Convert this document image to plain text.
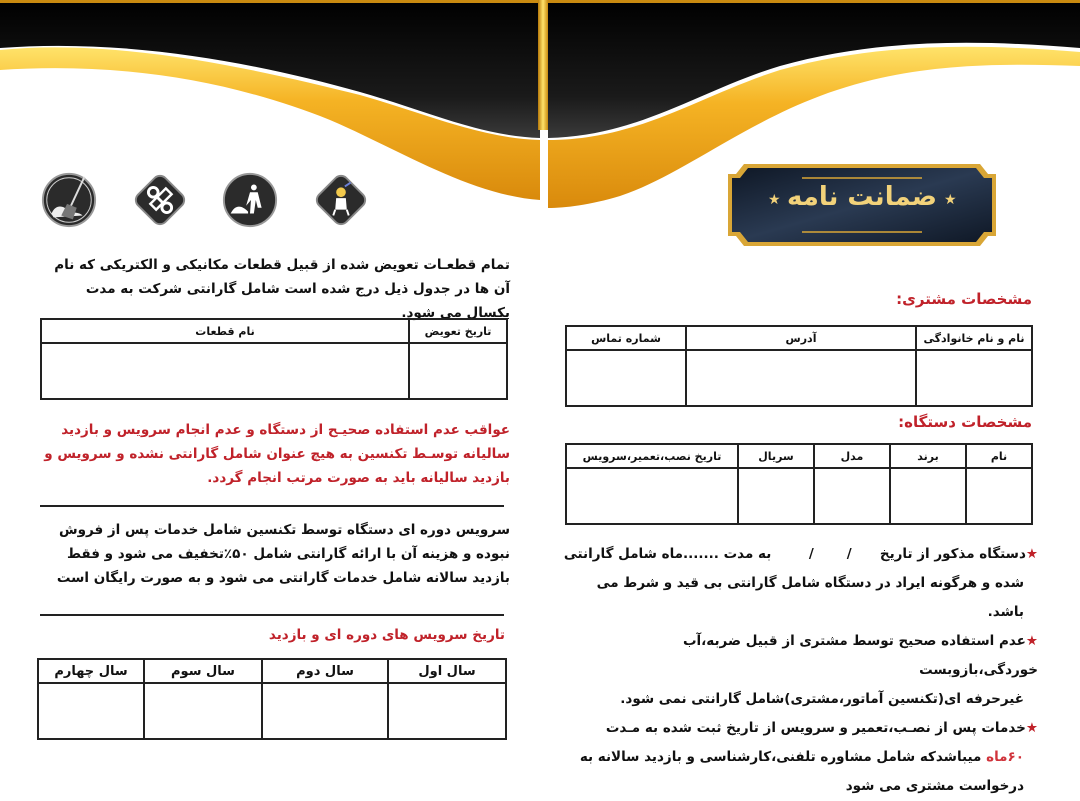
تمام قطعـات تعویض شده از قبیل قطعات مکانیکی و الکتریکی که نام آن ها در جدول ذیل درج شده است شامل گارانتی شرکت به مدت یکسال می شود.
تاریخ تعویض	نام قطعات

عواقب عدم استفاده صحیـح از دستگاه و عدم انجام سرویس و بازدید سالیانه توسـط تکنسین به هیچ عنوان شامل گارانتی نشده و سرویس و بازدید سالیانه باید به صورت مرتب انجام گردد.
سرویس دوره ای دستگاه توسط تکنسین شامل خدمات پس از فروش نبوده و هزینه آن با ارائه گارانتی شامل ۵۰٪تخفیف می شود و فقط بازدید سالانه شامل خدمات گارانتی می شود و به صورت رایگان است
تاریخ سرویس های دوره ای و بازدید
سال اول	سال دوم	سال سوم	سال چهارم

★ ضمانت نامه ★
مشخصات مشتری:
نام و نام خانوادگی	آدرس	شماره تماس

مشخصات دستگاه:
نام	برند	مدل	سریال	تاریخ نصب،تعمیر،سرویس

★دستگاه مذکور از تاریخ      /       /        به مدت .......ماه شامل گارانتی
شده و هرگونه ایراد در دستگاه شامل گارانتی بی قید و شرط می باشد.
★عدم استفاده صحیح توسط مشتری از قبیل ضربه،آب خوردگی،بازوبست
غیرحرفه ای(تکنسین آماتور،مشتری)شامل گارانتی نمی شود.
★خدمات پس از نصـب،تعمیر و سرویس از تاریخ ثبت شده به مـدت
۶۰ماه میباشدکه شامل مشاوره تلفنی،کارشناسی و بازدید سالانه به
درخواست مشتری می شود
